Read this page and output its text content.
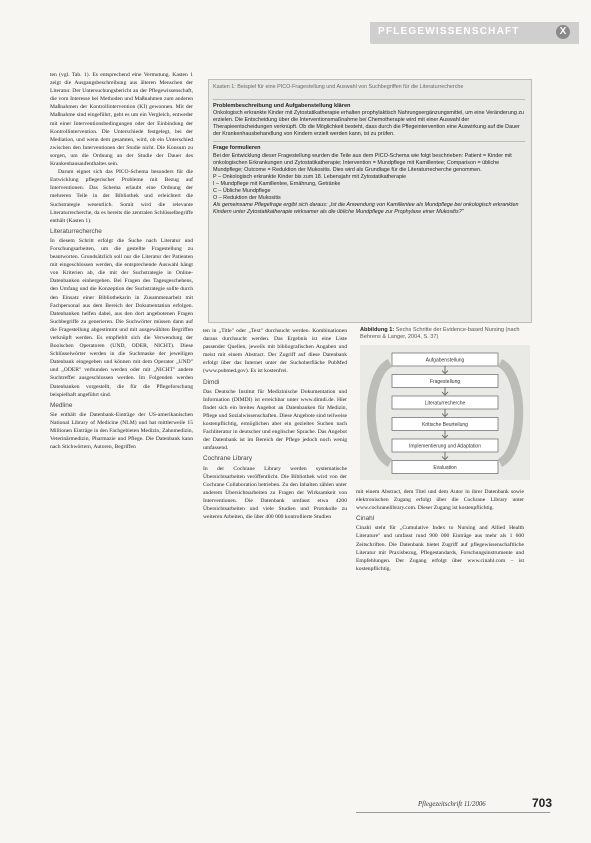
PFLEGEWISSENSCHAFT	X

ten (vgl. Tab. 1). Es entsprechend eine Vermutung. Kasten 1 zeigt die Ausgangsbeschreibung aus älteren Menschen der Literatur. Der Untersuchungsbericht an der Pflegewissenschaft, die vom Interesse bei Methoden und Maßnahmen zum anderen Maßnahmen der Kontrollintervention (KI) gewonnen. Mit der Maßnahme sind eingeführt, geht es um ein Vergleich, entweder mit einer Interventionsbedingungen oder der Einbindung der Kontrollintervention. Die Unterschiede festgelegt, bei der Mediation, und wenn dem gesamten, wird, ob ein Unterschied zwischen den Interventionen der Studie nicht. Die Konsum zu sorgen, um die Ordnung an der Studie der Dauer des Krankenhausaufenthaltes sein.

Darum eignet sich das PICO-Schema besonders für die Entwicklung pflegerischer Probleme mit Bezug auf Interventionen. Das Schema erlaubt eine Ordnung der mehreren Teile in der Bibliothek und erleichtert die Suchstrategie wesentlich. Somit wird die relevante Literaturrecherche, da es bereits die zentralen Schlüsselbegriffe enthält (Kasten 1).

Literaturrecherche

In diesem Schritt erfolgt die Suche nach Literatur und Forschungsarbeiten, um die gestellte Fragestellung zu beantworten. Grundsätzlich soll nur die Literatur der Patienten mit eingeschlossen werden, die entsprechende Auswahl hängt von Kriterien ab, die mit der Suchstrategie in Online-Datenbanken einhergehen. Bei Fragen des Tagesgeschehens, den Umfang und die Konzeption der Suchstrategie sollte durch den Einsatz einer Bibliothekarin in Zusammenarbeit mit Fachpersonal aus dem Bereich der Dokumentation erfolgen. Datenbanken helfen dabei, aus den dort angebotenen Fragen Suchbegriffe zu generieren. Die Suchwörter müssen dann auf die Fragestellung abgestimmt und mit ausgewählten Begriffen verknüpft werden. Es empfiehlt sich die Verwendung der Boolschen Operatoren (UND, ODER, NICHT). Diese Schlüsselwörter werden in die Suchmaske der jeweiligen Datenbank eingegeben und können mit dem Operator „UND" und „ODER" verbunden werden oder mit „NICHT" andere Suchtreffer ausgeschlossen werden. Im Folgenden werden Datenbanken vorgestellt, die für die Pflegeforschung beispielhaft angeführt sind.

Medline

Sie enthält die Datenbank-Einträge der US-amerikanischen National Library of Medicine (NLM) und hat mittlerweile 15 Millionen Einträge in den Fachgebieten Medizin, Zahnmedizin, Veterinärmedizin, Pharmazie und Pflege. Die Datenbank kann nach Stichwörtern, Autoren, Begriffen

Kasten 1: Beispiel für eine PICO-Fragestellung und Auswahl von Suchbegriffen für die Literaturrecherche
Problembeschreibung und Aufgabenstellung klären

Onkologisch erkrankte Kinder mit Zytostatikatherapie erhalten prophylaktisch Nahrungsergänzungsmittel, um eine Veränderung zu erzielen. Die Entscheidung über die Interventionsmaßnahme bei Chemotherapie wird mit einer Auswahl der Therapieentscheidungen verknüpft. Ob die Möglichkeit besteht, dass durch die Pflegeintervention eine Auswirkung auf die Dauer der Krankenhausbehandlung von Kindern erzielt werden kann, ist zu prüfen.

Frage formulieren

Bei der Entwicklung dieser Fragestellung wurden die Teile aus dem PICO-Schema wie folgt beschrieben: Patient = Kinder mit onkologischen Erkrankungen und Zytostatikatherapie; Intervention = Mundpflege mit Kamillentee; Comparison = übliche Mundpflege; Outcome = Reduktion der Mukositis. Dies wird als Grundlage für die Literaturrecherche genommen.

P – Onkologisch erkrankte Kinder bis zum 18. Lebensjahr mit Zytostatikatherapie

I – Mundpflege mit Kamillentee, Ernährung, Getränke

C – Übliche Mundpflege

O – Reduktion der Mukositis

Als gemeinsame Pflegefrage ergibt sich daraus: „Ist die Anwendung von Kamillentee als Mundpflege bei onkologisch erkrankten Kindern unter Zytostatikatherapie wirksamer als die übliche Mundpflege zur Prophylaxe einer Mukositis?"

Abbildung 1: Sechs Schritte der Evidence-based Nursing (nach Behrens & Langer, 2004, S. 37)
Aufgabenstellung
Fragestellung
Literaturrecherche
Kritische Beurteilung
Implementierung und Adaptation
Evaluation

ten in „Title" oder „Text" durchsucht werden. Kombinationen daraus durchsucht werden. Das Ergebnis ist eine Liste passender Quellen, jeweils mit bibliografischen Angaben und meist mit einem Abstract. Der Zugriff auf diese Datenbank erfolgt über das Internet unter der Suchoberfläche PubMed (www.pubmed.gov). Es ist kostenfrei.

Dimdi

Das Deutsche Institut für Medizinische Dokumentation und Information (DIMDI) ist erreichbar unter www.dimdi.de. Hier findet sich ein breites Angebot an Datenbanken für Medizin, Pflege und Sozialwissenschaften. Diese Angebote sind teilweise kostenpflichtig, ermöglichen aber ein gezieltes Suchen nach Fachliteratur in deutscher und englischer Sprache. Das Angebot der Datenbank ist im Bereich der Pflege jedoch noch wenig umfassend.

Cochrane Library

In der Cochrane Library werden systematische Übersichtsarbeiten veröffentlicht. Die Bibliothek wird von der Cochrane Collaboration betrieben. Zu den Inhalten zählen unter anderem Übersichtsarbeiten zu Fragen der Wirksamkeit von Interventionen. Die Datenbank umfasst etwa 4200 Übersichtsarbeiten und viele Studien und Protokolle zu weiteren Arbeiten, die über 400 000 kontrollierte Studien

mit einem Abstract, dem Titel und dem Autor in ihrer Datenbank sowie elektronischen Zugang erfolgt über die Cochrane Library unter www.cochranelibrary.com. Dieser Zugang ist kostenpflichtig.

Cinahl

Cinahl steht für „Cumulative Index to Nursing and Allied Health Literature" und umfasst rund 900 000 Einträge aus mehr als 1 600 Zeitschriften. Die Datenbank bietet Zugriff auf pflegewissenschaftliche Literatur mit Praxisbezug, Pflegestandards, Forschungsinstrumente und Empfehlungen. Der Zugang erfolgt über www.cinahl.com – ist kostenpflichtig.

Pflegezeitschrift 11/2006	703
